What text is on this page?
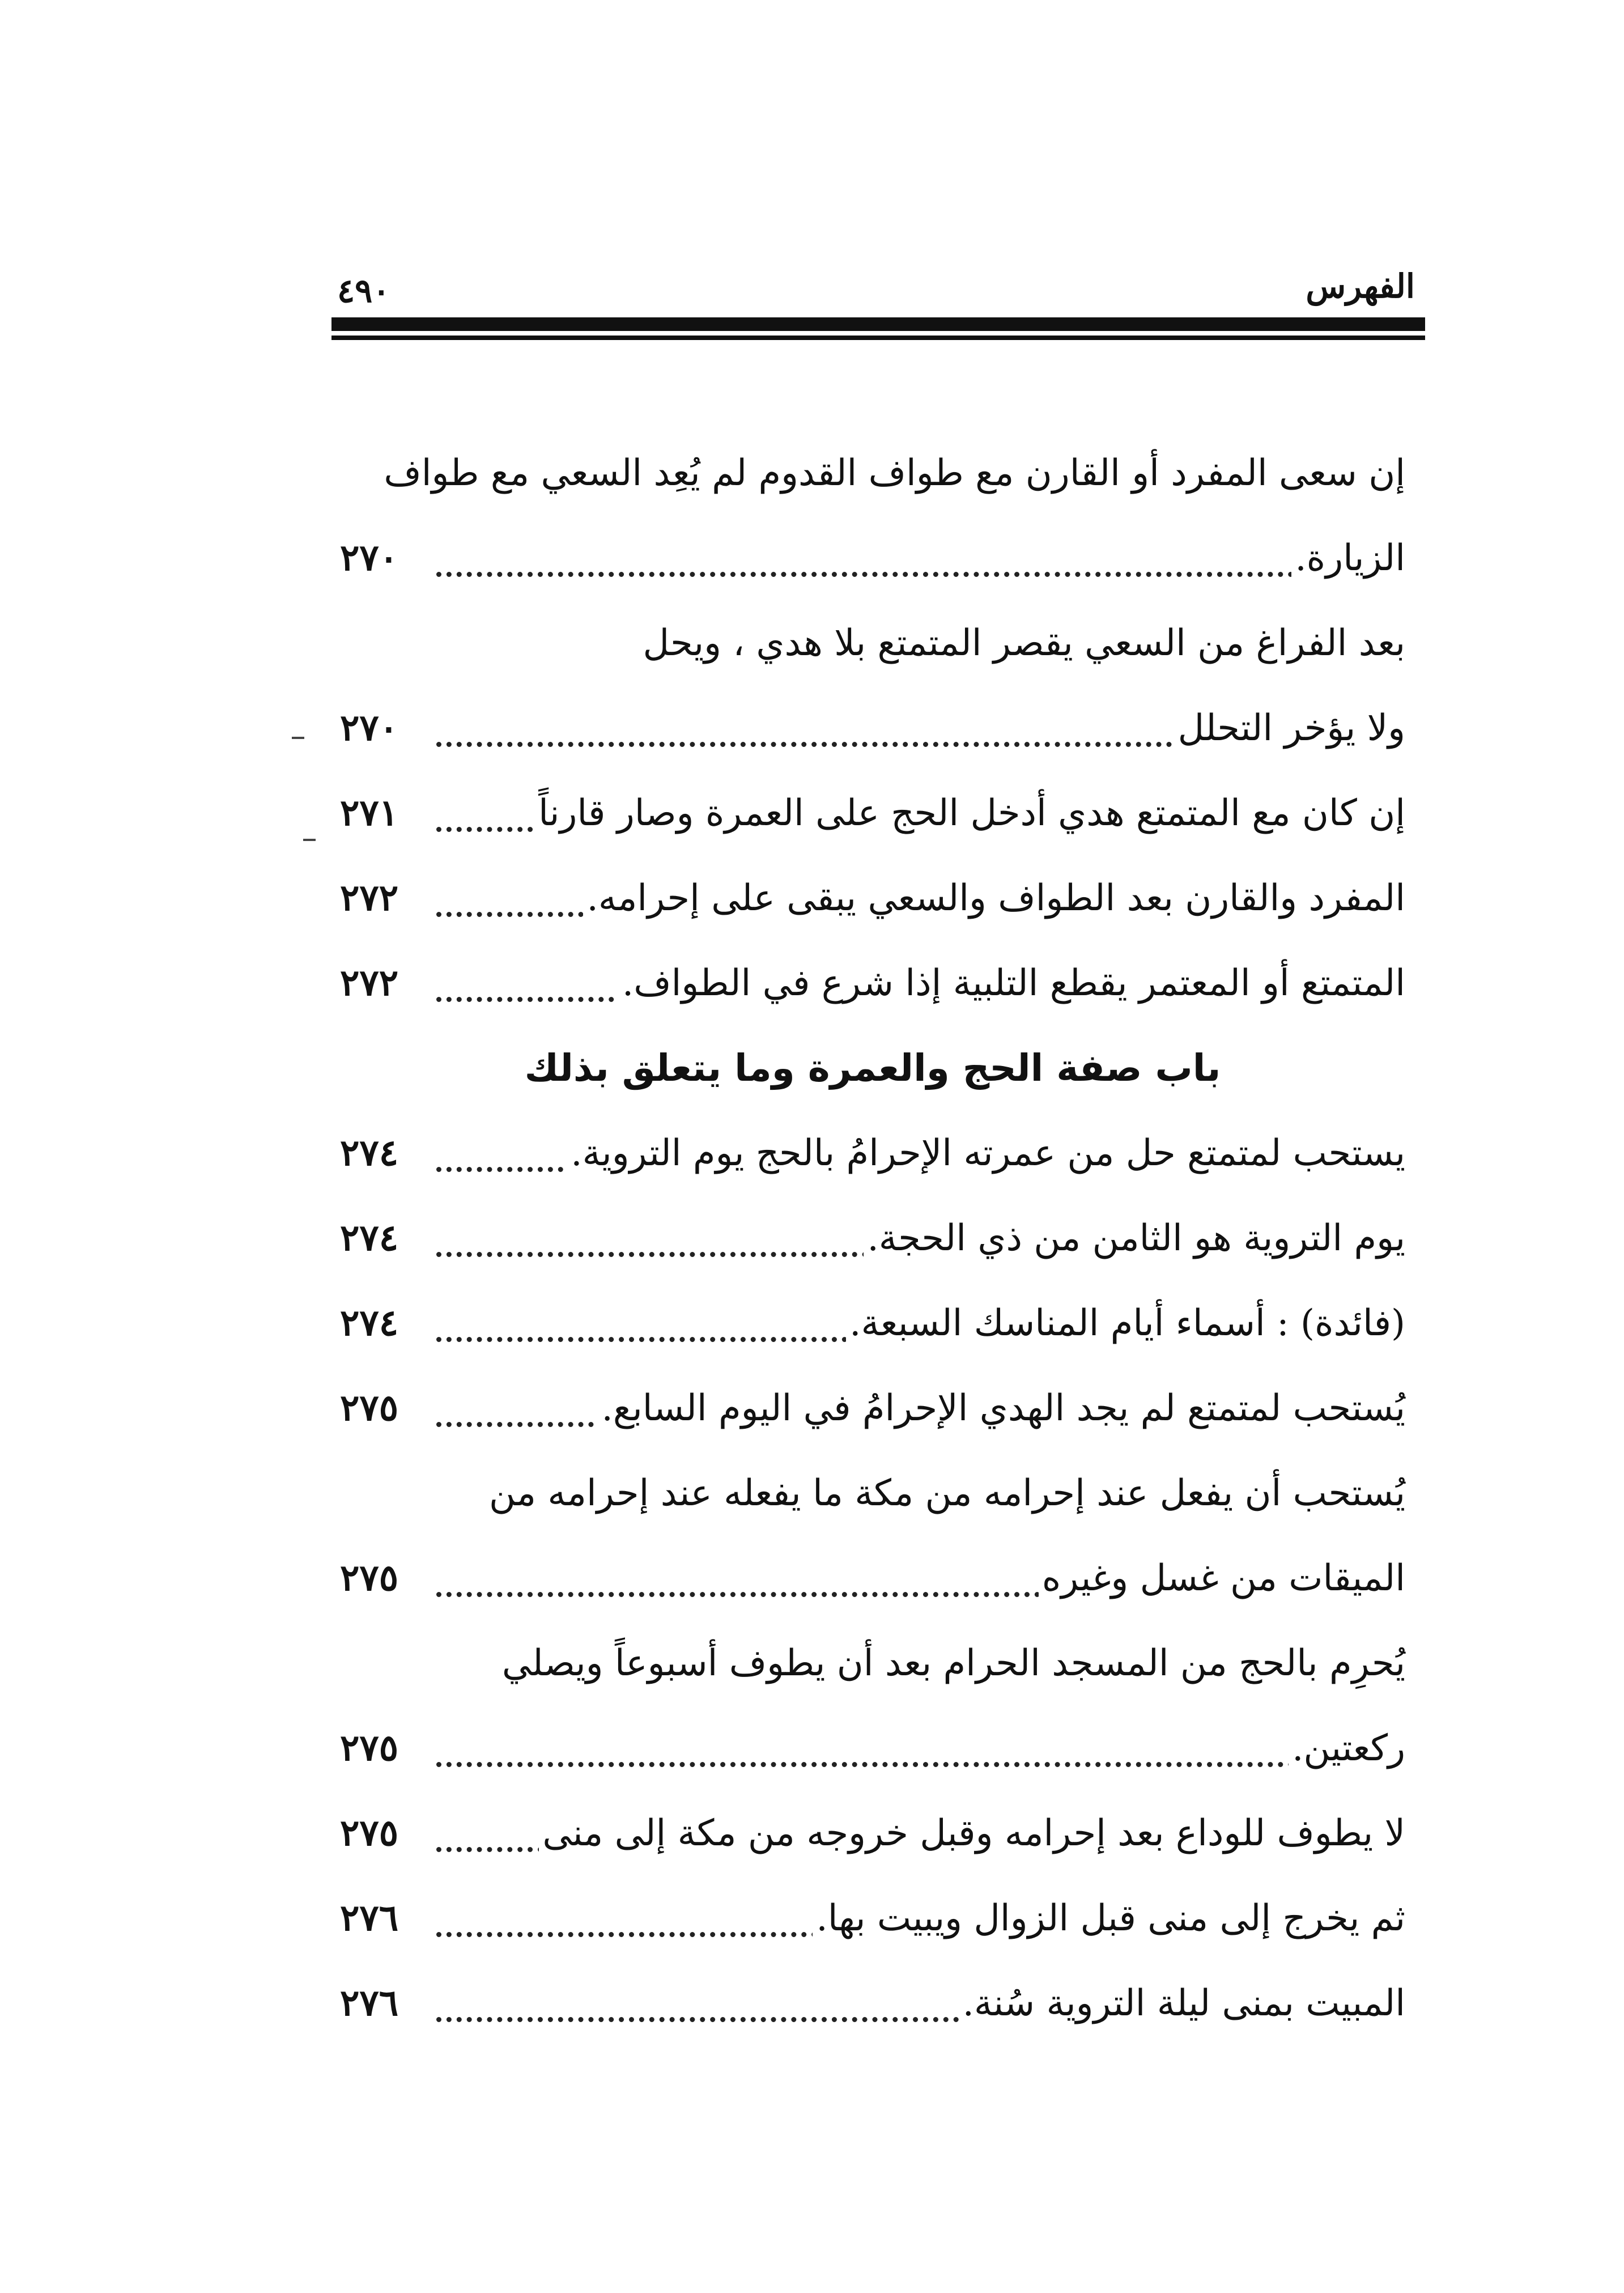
الفهرس
٤٩٠
إن سعى المفرد أو القارن مع طواف القدوم لم يُعِد السعي مع طواف
الزيارة.
٢٧٠
بعد الفراغ من السعي يقصر المتمتع بلا هدي ، ويحل
ولا يؤخر التحلل
٢٧٠
إن كان مع المتمتع هدي أدخل الحج على العمرة وصار قارناً
٢٧١
المفرد والقارن بعد الطواف والسعي يبقى على إحرامه.
٢٧٢
المتمتع أو المعتمر يقطع التلبية إذا شرع في الطواف.
٢٧٢
باب صفة الحج والعمرة وما يتعلق بذلك
يستحب لمتمتع حل من عمرته الإحرامُ بالحج يوم التروية.
٢٧٤
يوم التروية هو الثامن من ذي الحجة.
٢٧٤
(فائدة) : أسماء أيام المناسك السبعة.
٢٧٤
يُستحب لمتمتع لم يجد الهدي الإحرامُ في اليوم السابع.
٢٧٥
يُستحب أن يفعل عند إحرامه من مكة ما يفعله عند إحرامه من
الميقات من غسل وغيره
٢٧٥
يُحرِم بالحج من المسجد الحرام بعد أن يطوف أسبوعاً ويصلي
ركعتين.
٢٧٥
لا يطوف للوداع بعد إحرامه وقبل خروجه من مكة إلى منى
٢٧٥
ثم يخرج إلى منى قبل الزوال ويبيت بها.
٢٧٦
المبيت بمنى ليلة التروية سُنة.
٢٧٦
